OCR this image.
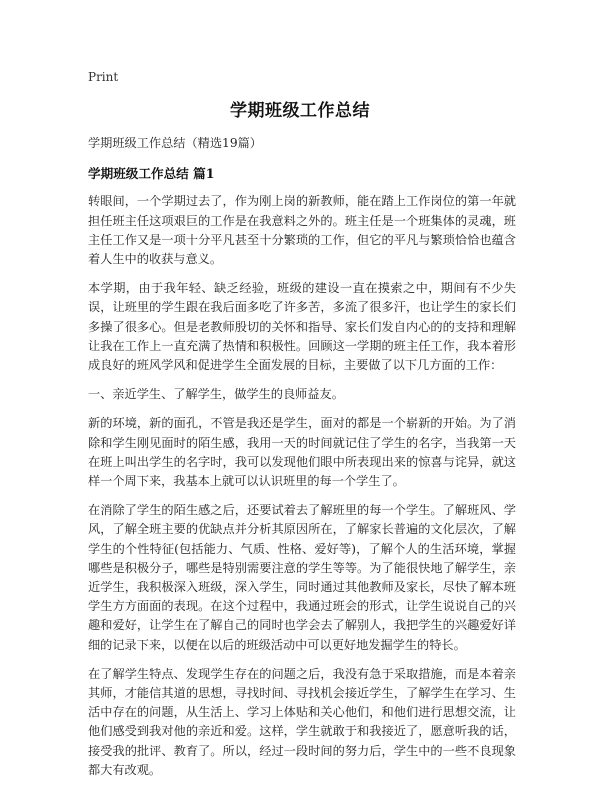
Print
学期班级工作总结
学期班级工作总结（精选19篇）
学期班级工作总结 篇1

转眼间，一个学期过去了，作为刚上岗的新教师，能在踏上工作岗位的第一年就担任班主任这项艰巨的工作是在我意料之外的。班主任是一个班集体的灵魂，班主任工作又是一项十分平凡甚至十分繁琐的工作，但它的平凡与繁琐恰恰也蕴含着人生中的收获与意义。

本学期，由于我年轻、缺乏经验，班级的建设一直在摸索之中，期间有不少失误，让班里的学生跟在我后面多吃了许多苦，多流了很多汗，也让学生的家长们多操了很多心。但是老教师殷切的关怀和指导、家长们发自内心的的支持和理解让我在工作上一直充满了热情和积极性。回顾这一学期的班主任工作，我本着形成良好的班风学风和促进学生全面发展的目标，主要做了以下几方面的工作：

一、亲近学生、了解学生，做学生的良师益友。

新的环境，新的面孔，不管是我还是学生，面对的都是一个崭新的开始。为了消除和学生刚见面时的陌生感，我用一天的时间就记住了学生的名字，当我第一天在班上叫出学生的名字时，我可以发现他们眼中所表现出来的惊喜与诧异，就这样一个周下来，我基本上就可以认识班里的每一个学生了。

在消除了学生的陌生感之后，还要试着去了解班里的每一个学生。了解班风、学风，了解全班主要的优缺点并分析其原因所在，了解家长普遍的文化层次，了解学生的个性特征(包括能力、气质、性格、爱好等)，了解个人的生活环境，掌握哪些是积极分子，哪些是特别需要注意的学生等等。为了能很快地了解学生，亲近学生，我积极深入班级，深入学生，同时通过其他教师及家长，尽快了解本班学生方方面面的表现。在这个过程中，我通过班会的形式，让学生说说自己的兴趣和爱好，让学生在了解自己的同时也学会去了解别人，我把学生的兴趣爱好详细的记录下来，以便在以后的班级活动中可以更好地发掘学生的特长。

在了解学生特点、发现学生存在的问题之后，我没有急于采取措施，而是本着亲其师，才能信其道的思想，寻找时间、寻找机会接近学生，了解学生在学习、生活中存在的问题，从生活上、学习上体贴和关心他们，和他们进行思想交流，让他们感受到我对他的亲近和爱。这样，学生就敢于和我接近了，愿意听我的话，接受我的批评、教育了。所以，经过一段时间的努力后，学生中的一些不良现象都大有改观。
